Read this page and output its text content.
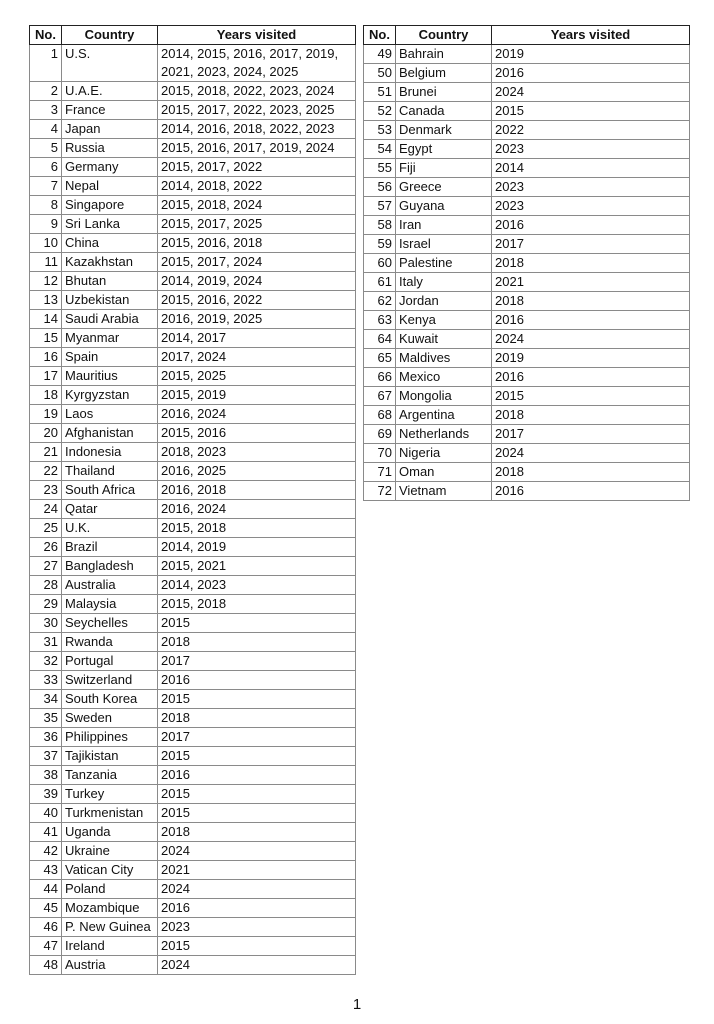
No.	Country	Years visited
1	U.S.	2014, 2015, 2016, 2017, 2019, 2021, 2023, 2024, 2025
2	U.A.E.	2015, 2018, 2022, 2023, 2024
3	France	2015, 2017, 2022, 2023, 2025
4	Japan	2014, 2016, 2018, 2022, 2023
5	Russia	2015, 2016, 2017, 2019, 2024
6	Germany	2015, 2017, 2022
7	Nepal	2014, 2018, 2022
8	Singapore	2015, 2018, 2024
9	Sri Lanka	2015, 2017, 2025
10	China	2015, 2016, 2018
11	Kazakhstan	2015, 2017, 2024
12	Bhutan	2014, 2019, 2024
13	Uzbekistan	2015, 2016, 2022
14	Saudi Arabia	2016, 2019, 2025
15	Myanmar	2014, 2017
16	Spain	2017, 2024
17	Mauritius	2015, 2025
18	Kyrgyzstan	2015, 2019
19	Laos	2016, 2024
20	Afghanistan	2015, 2016
21	Indonesia	2018, 2023
22	Thailand	2016, 2025
23	South Africa	2016, 2018
24	Qatar	2016, 2024
25	U.K.	2015, 2018
26	Brazil	2014, 2019
27	Bangladesh	2015, 2021
28	Australia	2014, 2023
29	Malaysia	2015, 2018
30	Seychelles	2015
31	Rwanda	2018
32	Portugal	2017
33	Switzerland	2016
34	South Korea	2015
35	Sweden	2018
36	Philippines	2017
37	Tajikistan	2015
38	Tanzania	2016
39	Turkey	2015
40	Turkmenistan	2015
41	Uganda	2018
42	Ukraine	2024
43	Vatican City	2021
44	Poland	2024
45	Mozambique	2016
46	P. New Guinea	2023
47	Ireland	2015
48	Austria	2024
No.	Country	Years visited
49	Bahrain	2019
50	Belgium	2016
51	Brunei	2024
52	Canada	2015
53	Denmark	2022
54	Egypt	2023
55	Fiji	2014
56	Greece	2023
57	Guyana	2023
58	Iran	2016
59	Israel	2017
60	Palestine	2018
61	Italy	2021
62	Jordan	2018
63	Kenya	2016
64	Kuwait	2024
65	Maldives	2019
66	Mexico	2016
67	Mongolia	2015
68	Argentina	2018
69	Netherlands	2017
70	Nigeria	2024
71	Oman	2018
72	Vietnam	2016
1
